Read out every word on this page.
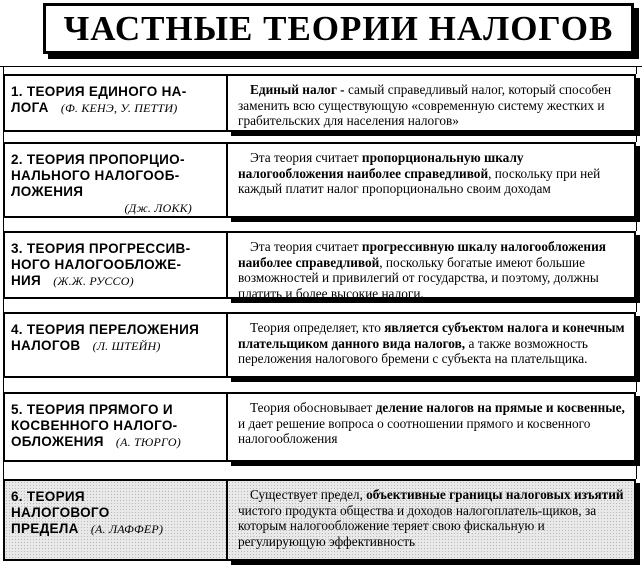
ЧАСТНЫЕ ТЕОРИИ НАЛОГОВ
1. ТЕОРИЯ ЕДИНОГО НА-
ЛОГА (Ф. КЕНЭ, У. ПЕТТИ)
Единый налог - самый справедливый налог, который способен заменить всю существующую «современную систему жестких и грабительских для населения налогов»
2. ТЕОРИЯ ПРОПОРЦИО-
НАЛЬНОГО НАЛОГООБ-
ЛОЖЕНИЯ

(Дж. ЛОКК)
Эта теория считает пропорциональную шкалу налогообложения наиболее справедливой, поскольку при ней каждый платит налог пропорционально своим доходам
3. ТЕОРИЯ ПРОГРЕССИВ-
НОГО НАЛОГООБЛОЖЕ-
НИЯ (Ж.Ж. РУССО)
Эта теория считает прогрессивную шкалу налогообложения наиболее справедливой, поскольку богатые имеют большие возможностей и привилегий от государства, и поэтому, должны платить и более высокие налоги.
4. ТЕОРИЯ ПЕРЕЛОЖЕНИЯ
НАЛОГОВ (Л. ШТЕЙН)
Теория определяет, кто является субъектом налога и конечным плательщиком данного вида налогов, а также возможность переложения налогового бремени с субъекта на плательщика.
5. ТЕОРИЯ ПРЯМОГО И
КОСВЕННОГО НАЛОГО-
ОБЛОЖЕНИЯ (А. ТЮРГО)
Теория обосновывает деление налогов на прямые и косвенные, и дает решение вопроса о соотношении прямого и косвенного налогообложения
6. ТЕОРИЯ
НАЛОГОВОГО
ПРЕДЕЛА (А. ЛАФФЕР)
Существует предел, объективные границы налоговых изъятий чистого продукта общества и доходов налогоплатель-щиков, за которым налогообложение теряет свою фискальную и регулирующую эффективность
